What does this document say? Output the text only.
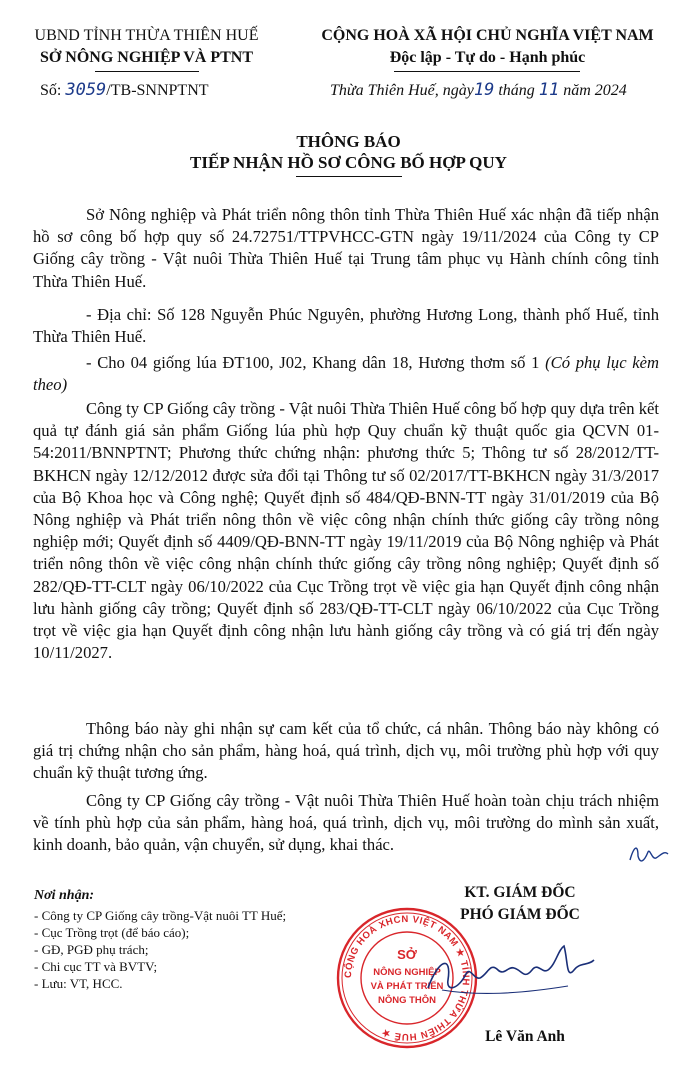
UBND TỈNH THỪA THIÊN HUẾ
SỞ NÔNG NGHIỆP VÀ PTNT
Số: 3059/TB-SNNPTNT
CỘNG HOÀ XÃ HỘI CHỦ NGHĨA VIỆT NAM
Độc lập - Tự do - Hạnh phúc
Thừa Thiên Huế, ngày19 tháng 11 năm 2024
THÔNG BÁO
TIẾP NHẬN HỒ SƠ CÔNG BỐ HỢP QUY
Sở Nông nghiệp và Phát triển nông thôn tỉnh Thừa Thiên Huế xác nhận đã tiếp nhận hồ sơ công bố hợp quy số 24.72751/TTPVHCC-GTN ngày 19/11/2024 của Công ty CP Giống cây trồng - Vật nuôi Thừa Thiên Huế tại Trung tâm phục vụ Hành chính công tỉnh Thừa Thiên Huế.
- Địa chỉ: Số 128 Nguyễn Phúc Nguyên, phường Hương Long, thành phố Huế, tỉnh Thừa Thiên Huế.
- Cho 04 giống lúa ĐT100, J02, Khang dân 18, Hương thơm số 1 (Có phụ lục kèm theo)
Công ty CP Giống cây trồng - Vật nuôi Thừa Thiên Huế công bố hợp quy dựa trên kết quả tự đánh giá sản phẩm Giống lúa phù hợp Quy chuẩn kỹ thuật quốc gia QCVN 01-54:2011/BNNPTNT; Phương thức chứng nhận: phương thức 5; Thông tư số 28/2012/TT-BKHCN ngày 12/12/2012 được sửa đổi tại Thông tư số 02/2017/TT-BKHCN ngày 31/3/2017 của Bộ Khoa học và Công nghệ; Quyết định số 484/QĐ-BNN-TT ngày 31/01/2019 của Bộ Nông nghiệp và Phát triển nông thôn về việc công nhận chính thức giống cây trồng nông nghiệp mới; Quyết định số 4409/QĐ-BNN-TT ngày 19/11/2019 của Bộ Nông nghiệp và Phát triển nông thôn về việc công nhận chính thức giống cây trồng nông nghiệp; Quyết định số 282/QĐ-TT-CLT ngày 06/10/2022 của Cục Trồng trọt về việc gia hạn Quyết định công nhận lưu hành giống cây trồng; Quyết định số 283/QĐ-TT-CLT ngày 06/10/2022 của Cục Trồng trọt về việc gia hạn Quyết định công nhận lưu hành giống cây trồng và có giá trị đến ngày 10/11/2027.
Thông báo này ghi nhận sự cam kết của tổ chức, cá nhân. Thông báo này không có giá trị chứng nhận cho sản phẩm, hàng hoá, quá trình, dịch vụ, môi trường phù hợp với quy chuẩn kỹ thuật tương ứng.
Công ty CP Giống cây trồng - Vật nuôi Thừa Thiên Huế hoàn toàn chịu trách nhiệm về tính phù hợp của sản phẩm, hàng hoá, quá trình, dịch vụ, môi trường do mình sản xuất, kinh doanh, bảo quản, vận chuyển, sử dụng, khai thác.
Nơi nhận:
- Công ty CP Giống cây trồng-Vật nuôi TT Huế;
- Cục Trồng trọt (để báo cáo);
- GĐ, PGĐ phụ trách;
- Chi cục TT và BVTV;
- Lưu: VT, HCC.
KT. GIÁM ĐỐC
PHÓ GIÁM ĐỐC
CỘNG HOÀ XHCN VIỆT NAM ★ TỈNH THỪA THIÊN HUẾ ★
SỞ
NÔNG NGHIỆP
VÀ PHÁT TRIỂN
NÔNG THÔN
Lê Văn Anh
